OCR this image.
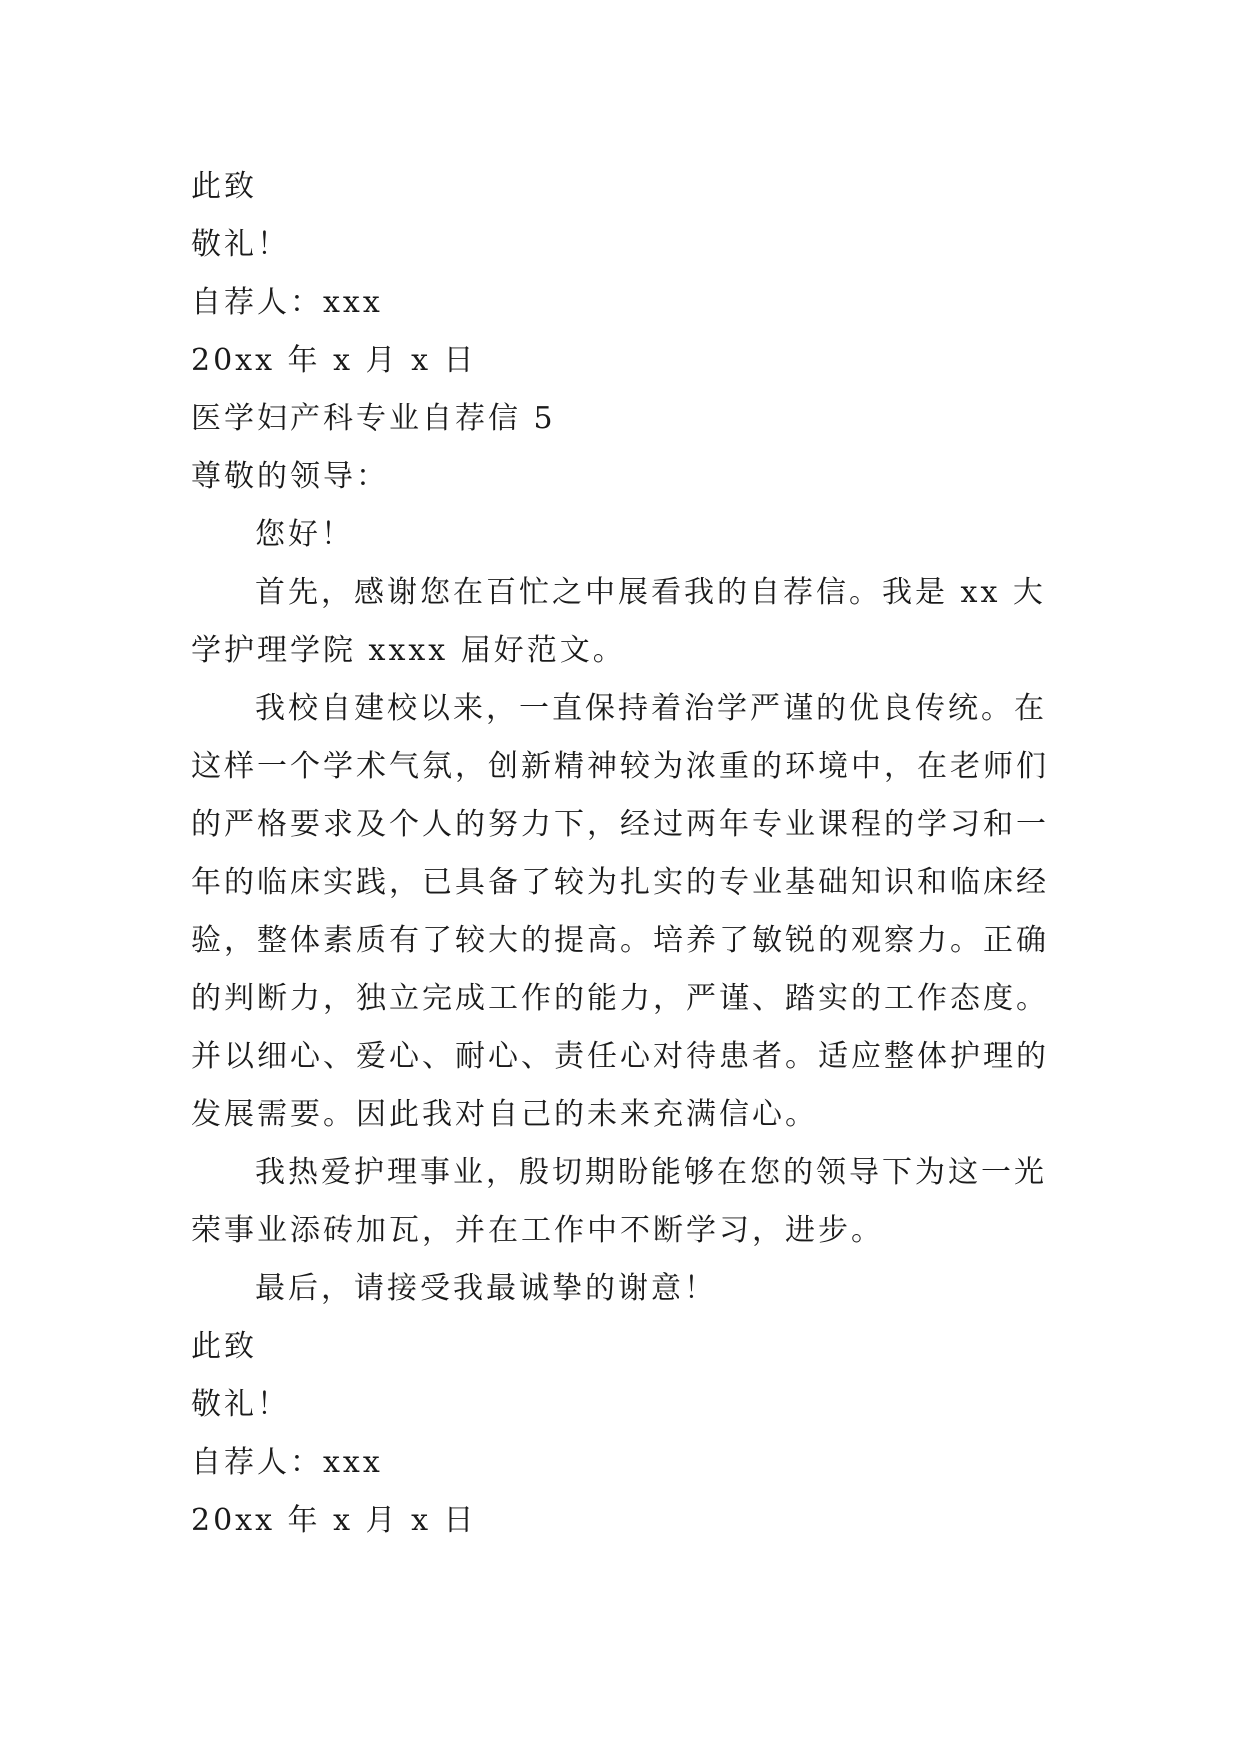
此致
敬礼！
自荐人：xxx
20xx 年 x 月 x 日
医学妇产科专业自荐信 5
尊敬的领导：
您好！
首先，感谢您在百忙之中展看我的自荐信。我是 xx 大
学护理学院 xxxx 届好范文。
我校自建校以来，一直保持着治学严谨的优良传统。在
这样一个学术气氛，创新精神较为浓重的环境中，在老师们
的严格要求及个人的努力下，经过两年专业课程的学习和一
年的临床实践，已具备了较为扎实的专业基础知识和临床经
验，整体素质有了较大的提高。培养了敏锐的观察力。正确
的判断力，独立完成工作的能力，严谨、踏实的工作态度。
并以细心、爱心、耐心、责任心对待患者。适应整体护理的
发展需要。因此我对自己的未来充满信心。
我热爱护理事业，殷切期盼能够在您的领导下为这一光
荣事业添砖加瓦，并在工作中不断学习，进步。
最后，请接受我最诚挚的谢意！
此致
敬礼！
自荐人：xxx
20xx 年 x 月 x 日
